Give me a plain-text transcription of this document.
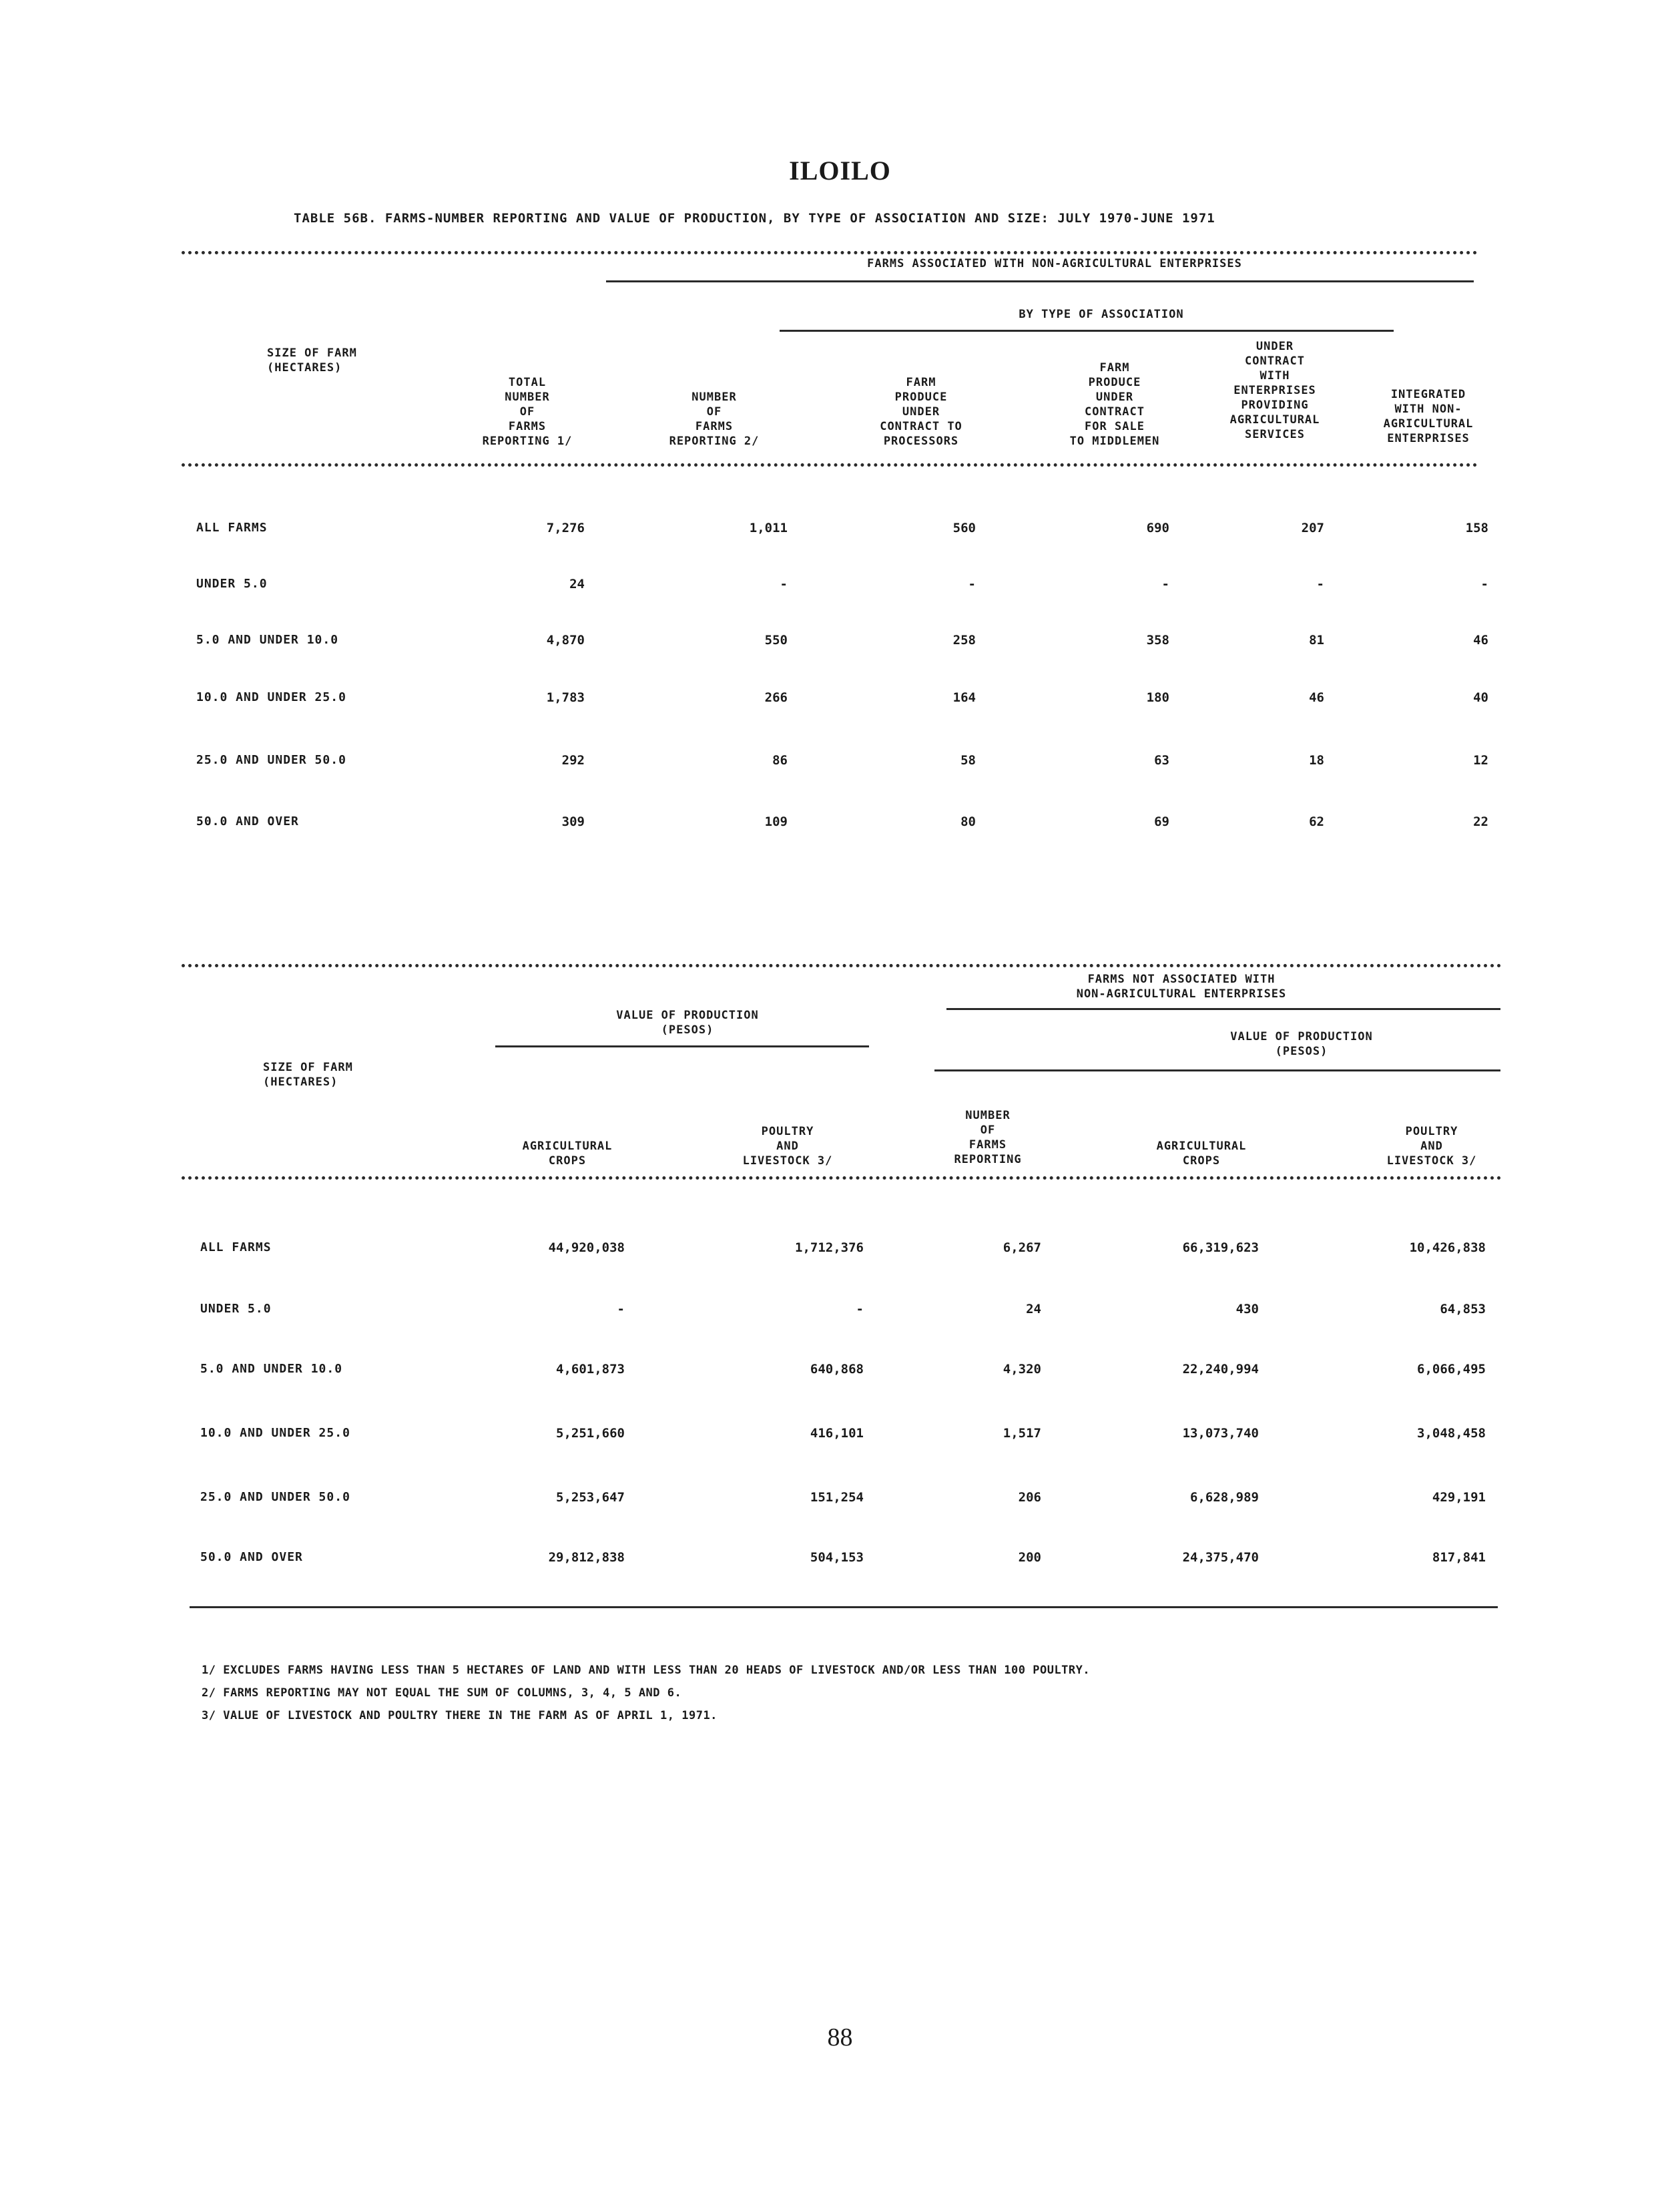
ILOILO
TABLE 56B. FARMS-NUMBER REPORTING AND VALUE OF PRODUCTION, BY TYPE OF ASSOCIATION AND SIZE: JULY 1970-JUNE 1971
FARMS ASSOCIATED WITH NON-AGRICULTURAL ENTERPRISES
BY TYPE OF ASSOCIATION
SIZE OF FARM
(HECTARES)
TOTAL
NUMBER
OF
FARMS
REPORTING 1/
NUMBER
OF
FARMS
REPORTING 2/
FARM
PRODUCE
UNDER
CONTRACT TO
PROCESSORS
FARM
PRODUCE
UNDER
CONTRACT
FOR SALE
TO MIDDLEMEN
UNDER
CONTRACT
WITH
ENTERPRISES
PROVIDING
AGRICULTURAL
SERVICES
INTEGRATED
WITH NON-
AGRICULTURAL
ENTERPRISES
ALL FARMS	7,276	1,011	560	690	207	158
UNDER 5.0	24	-	-	-	-	-
5.0 AND UNDER 10.0	4,870	550	258	358	81	46
10.0 AND UNDER 25.0	1,783	266	164	180	46	40
25.0 AND UNDER 50.0	292	86	58	63	18	12
50.0 AND OVER	309	109	80	69	62	22
FARMS NOT ASSOCIATED WITH
NON-AGRICULTURAL ENTERPRISES
VALUE OF PRODUCTION
(PESOS)	VALUE OF PRODUCTION
(PESOS)
SIZE OF FARM
(HECTARES)
AGRICULTURAL
CROPS
POULTRY
AND
LIVESTOCK 3/
NUMBER
OF
FARMS
REPORTING
AGRICULTURAL
CROPS
POULTRY
AND
LIVESTOCK 3/
ALL FARMS	44,920,038	1,712,376	6,267	66,319,623	10,426,838
UNDER 5.0	-	-	24	430	64,853
5.0 AND UNDER 10.0	4,601,873	640,868	4,320	22,240,994	6,066,495
10.0 AND UNDER 25.0	5,251,660	416,101	1,517	13,073,740	3,048,458
25.0 AND UNDER 50.0	5,253,647	151,254	206	6,628,989	429,191
50.0 AND OVER	29,812,838	504,153	200	24,375,470	817,841
1/ EXCLUDES FARMS HAVING LESS THAN 5 HECTARES OF LAND AND WITH LESS THAN 20 HEADS OF LIVESTOCK AND/OR LESS THAN 100 POULTRY.
2/ FARMS REPORTING MAY NOT EQUAL THE SUM OF COLUMNS, 3, 4, 5 AND 6.
3/ VALUE OF LIVESTOCK AND POULTRY THERE IN THE FARM AS OF APRIL 1, 1971.
88
